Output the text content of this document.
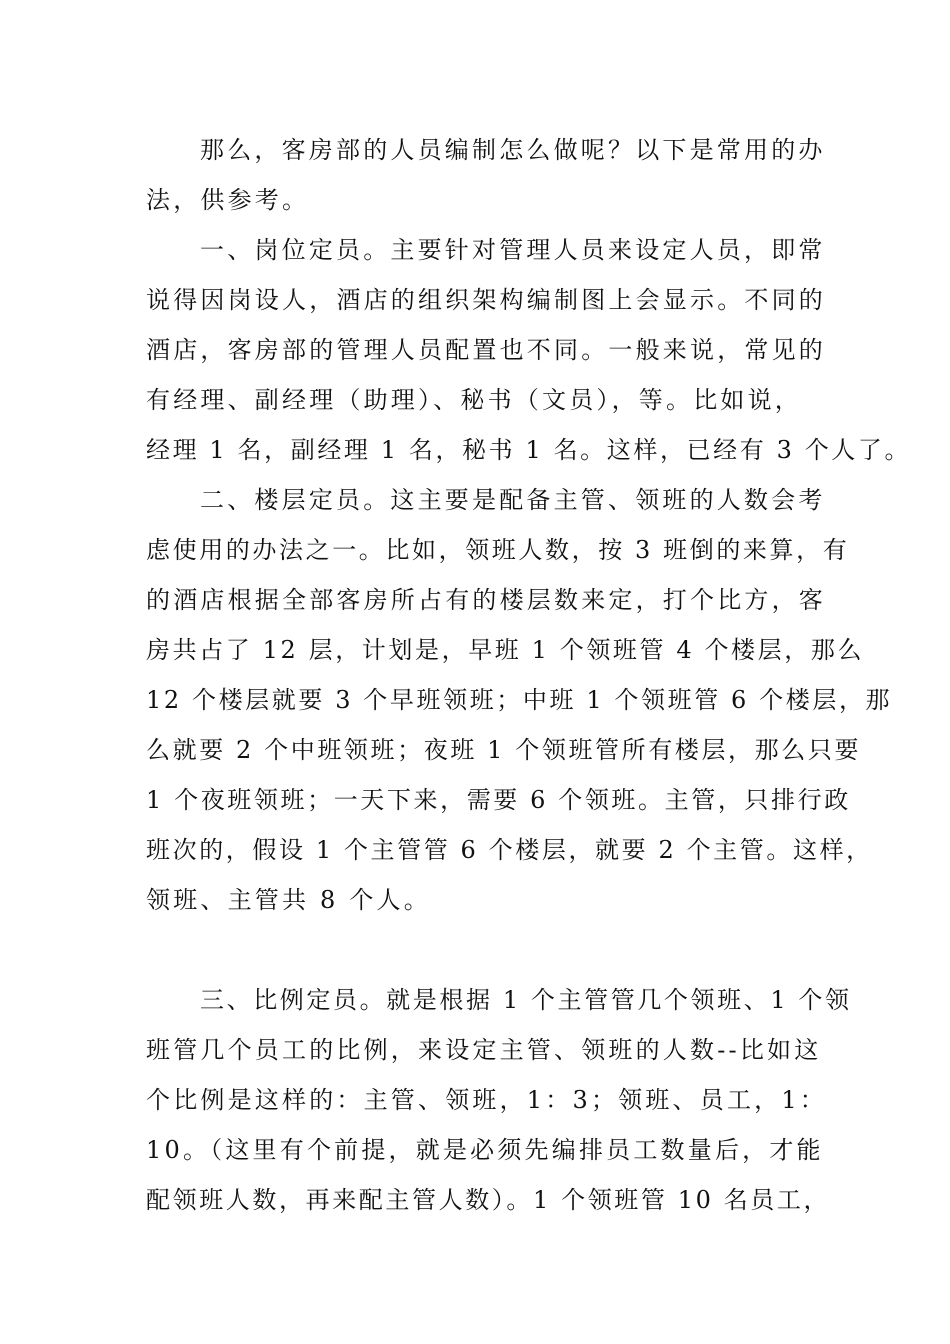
那么，客房部的人员编制怎么做呢？以下是常用的办
法，供参考。
一、岗位定员。主要针对管理人员来设定人员，即常
说得因岗设人，酒店的组织架构编制图上会显示。不同的
酒店，客房部的管理人员配置也不同。一般来说，常见的
有经理、副经理（助理）、秘书（文员），等。比如说，
经理 1 名，副经理 1 名，秘书 1 名。这样，已经有 3 个人了。
二、楼层定员。这主要是配备主管、领班的人数会考
虑使用的办法之一。比如，领班人数，按 3 班倒的来算，有
的酒店根据全部客房所占有的楼层数来定，打个比方，客
房共占了 12 层，计划是，早班 1 个领班管 4 个楼层，那么
12 个楼层就要 3 个早班领班；中班 1 个领班管 6 个楼层，那
么就要 2 个中班领班；夜班 1 个领班管所有楼层，那么只要
1 个夜班领班；一天下来，需要 6 个领班。主管，只排行政
班次的，假设 1 个主管管 6 个楼层，就要 2 个主管。这样，
领班、主管共 8 个人。
三、比例定员。就是根据 1 个主管管几个领班、1 个领
班管几个员工的比例，来设定主管、领班的人数--比如这
个比例是这样的：主管、领班，1：3；领班、员工，1：
10。（这里有个前提，就是必须先编排员工数量后，才能
配领班人数，再来配主管人数）。1 个领班管 10 名员工，
